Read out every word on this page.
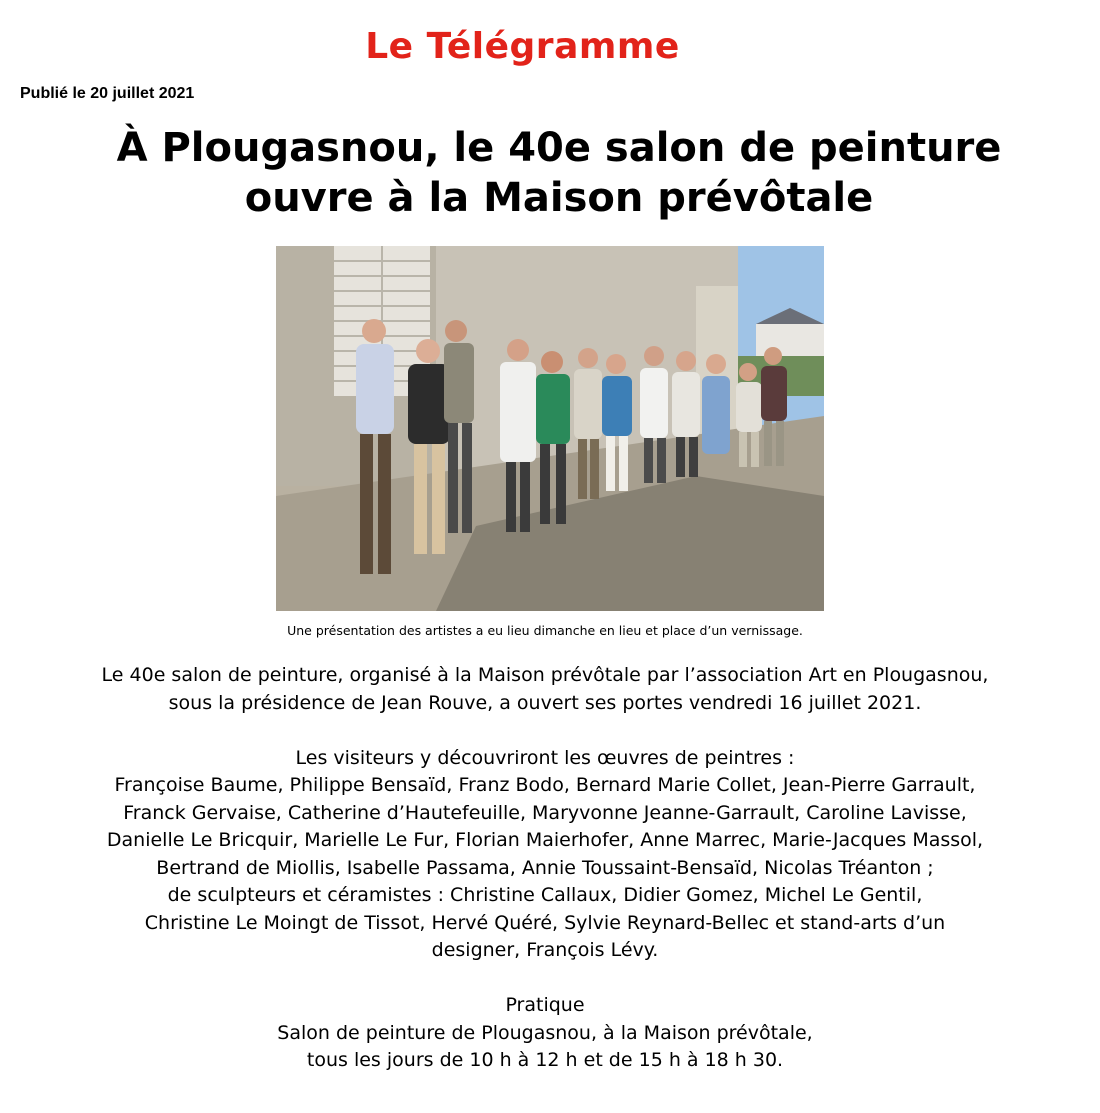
Le Télégramme
Publié le 20 juillet 2021
À Plougasnou, le 40e salon de peinture
ouvre à la Maison prévôtale
Une présentation des artistes a eu lieu dimanche en lieu et place d’un vernissage.
Le 40e salon de peinture, organisé à la Maison prévôtale par l’association Art en Plougasnou,
sous la présidence de Jean Rouve, a ouvert ses portes vendredi 16 juillet 2021.
Les visiteurs y découvriront les œuvres de peintres :
Françoise Baume, Philippe Bensaïd, Franz Bodo, Bernard Marie Collet, Jean-Pierre Garrault,
Franck Gervaise, Catherine d’Hautefeuille, Maryvonne Jeanne-Garrault, Caroline Lavisse,
Danielle Le Bricquir, Marielle Le Fur, Florian Maierhofer, Anne Marrec, Marie-Jacques Massol,
Bertrand de Miollis, Isabelle Passama, Annie Toussaint-Bensaïd, Nicolas Tréanton ;
de sculpteurs et céramistes : Christine Callaux, Didier Gomez, Michel Le Gentil,
Christine Le Moingt de Tissot, Hervé Quéré, Sylvie Reynard-Bellec et stand-arts d’un
designer, François Lévy.
Pratique
Salon de peinture de Plougasnou, à la Maison prévôtale,
tous les jours de 10 h à 12 h et de 15 h à 18 h 30.
